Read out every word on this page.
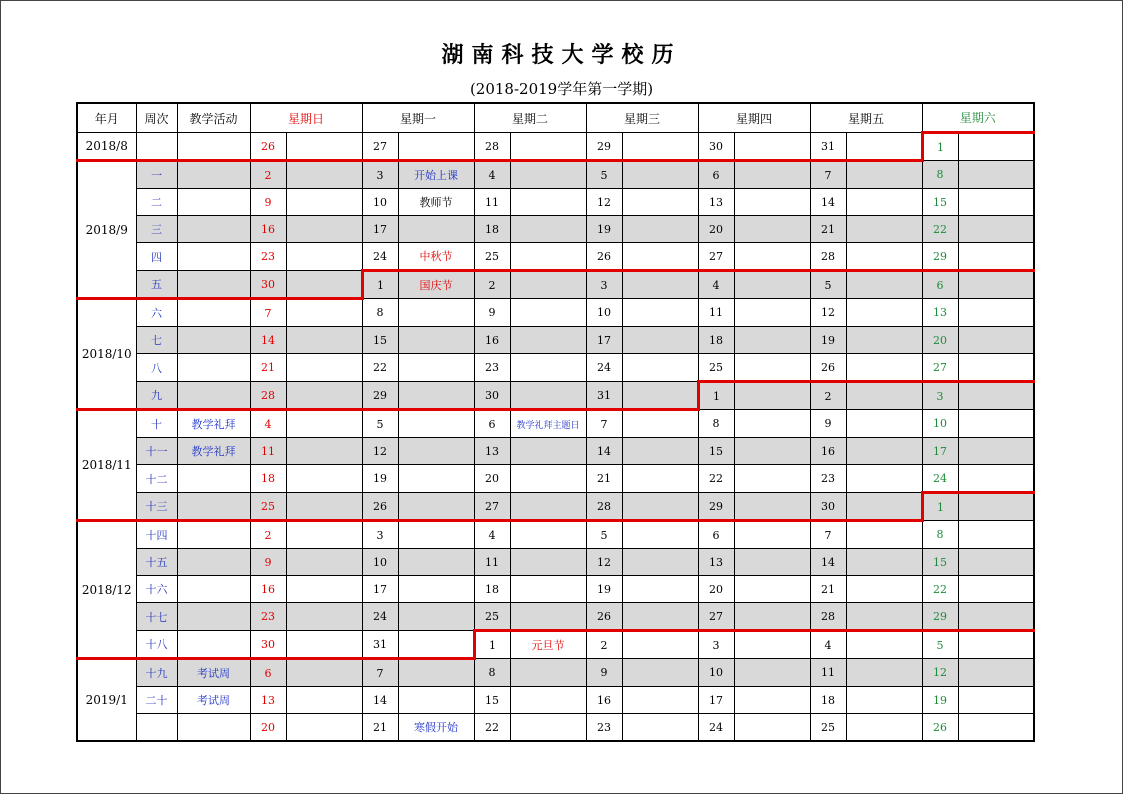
湖南科技大学校历
(2018-2019学年第一学期)
年月	周次	教学活动	星期日		星期一		星期二		星期三		星期四		星期五		星期六	
2018/8			26		27		28		29		30		31		1	
2018/9	一		2		3	开始上课	4		5		6		7		8	
	二		9		10	教师节	11		12		13		14		15	
	三		16		17		18		19		20		21		22	
	四		23		24	中秋节	25		26		27		28		29	
	五		30		1	国庆节	2		3		4		5		6	
2018/10	六		7		8		9		10		11		12		13	
	七		14		15		16		17		18		19		20	
	八		21		22		23		24		25		26		27	
	九		28		29		30		31		1		2		3	
2018/11	十	教学礼拜	4		5		6	教学礼拜主题日	7		8		9		10	
	十一	教学礼拜	11		12		13		14		15		16		17	
	十二		18		19		20		21		22		23		24	
	十三		25		26		27		28		29		30		1	
2018/12	十四		2		3		4		5		6		7		8	
	十五		9		10		11		12		13		14		15	
	十六		16		17		18		19		20		21		22	
	十七		23		24		25		26		27		28		29	
	十八		30		31		1	元旦节	2		3		4		5	
2019/1	十九	考试周	6		7		8		9		10		11		12	
	二十	考试周	13		14		15		16		17		18		19	
			20		21	寒假开始	22		23		24		25		26	
